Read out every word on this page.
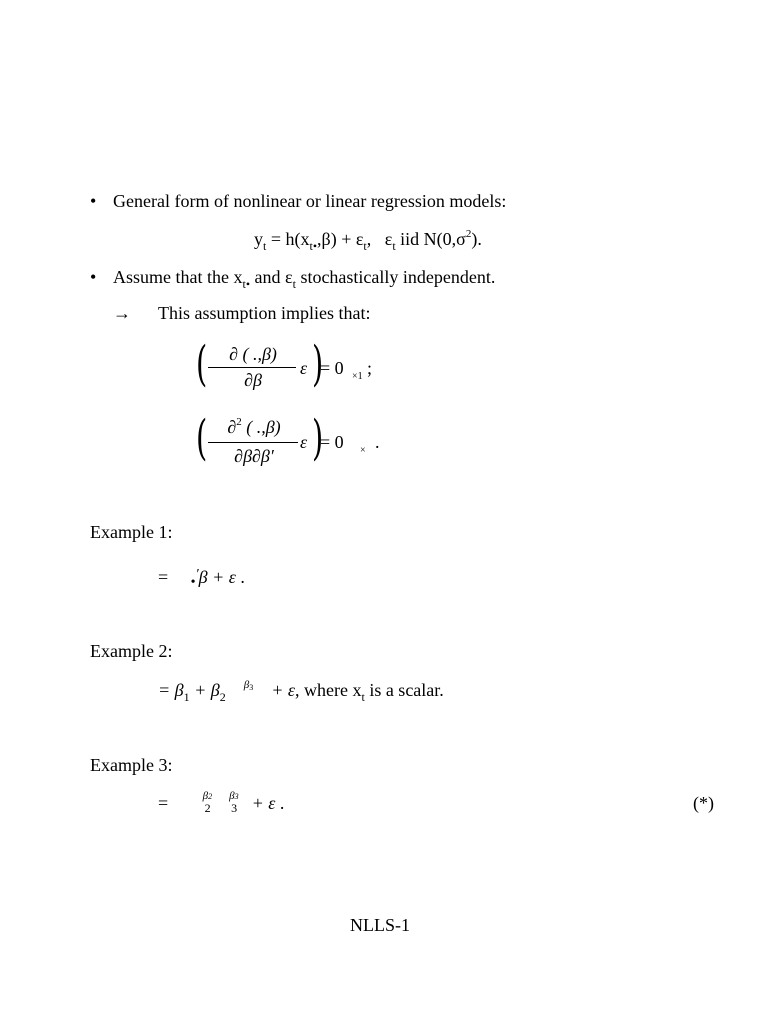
• General form of nonlinear or linear regression models:
$y_t = h(x_{t•},\beta) + \varepsilon_t$, $\varepsilon_t$ iid $N(0,\sigma^2)$.
• Assume that the $x_{t•}$ and $\varepsilon_t$ stochastically independent.
→ This assumption implies that:
(	∂ ( .,β)
∂β
ε )
= 0 ×1 ;
(	∂$^2$ ( .,β)
∂β∂β′
ε )
= 0 × .
Example 1:
= •′β + ε .
Example 2:
= $\beta_1 + \beta_2$    $^{\beta 3}$ + ε, where $x_t$ is a scalar.
Example 3:
=	β2
2

β3
3 + ε .	(*)
NLLS-1
